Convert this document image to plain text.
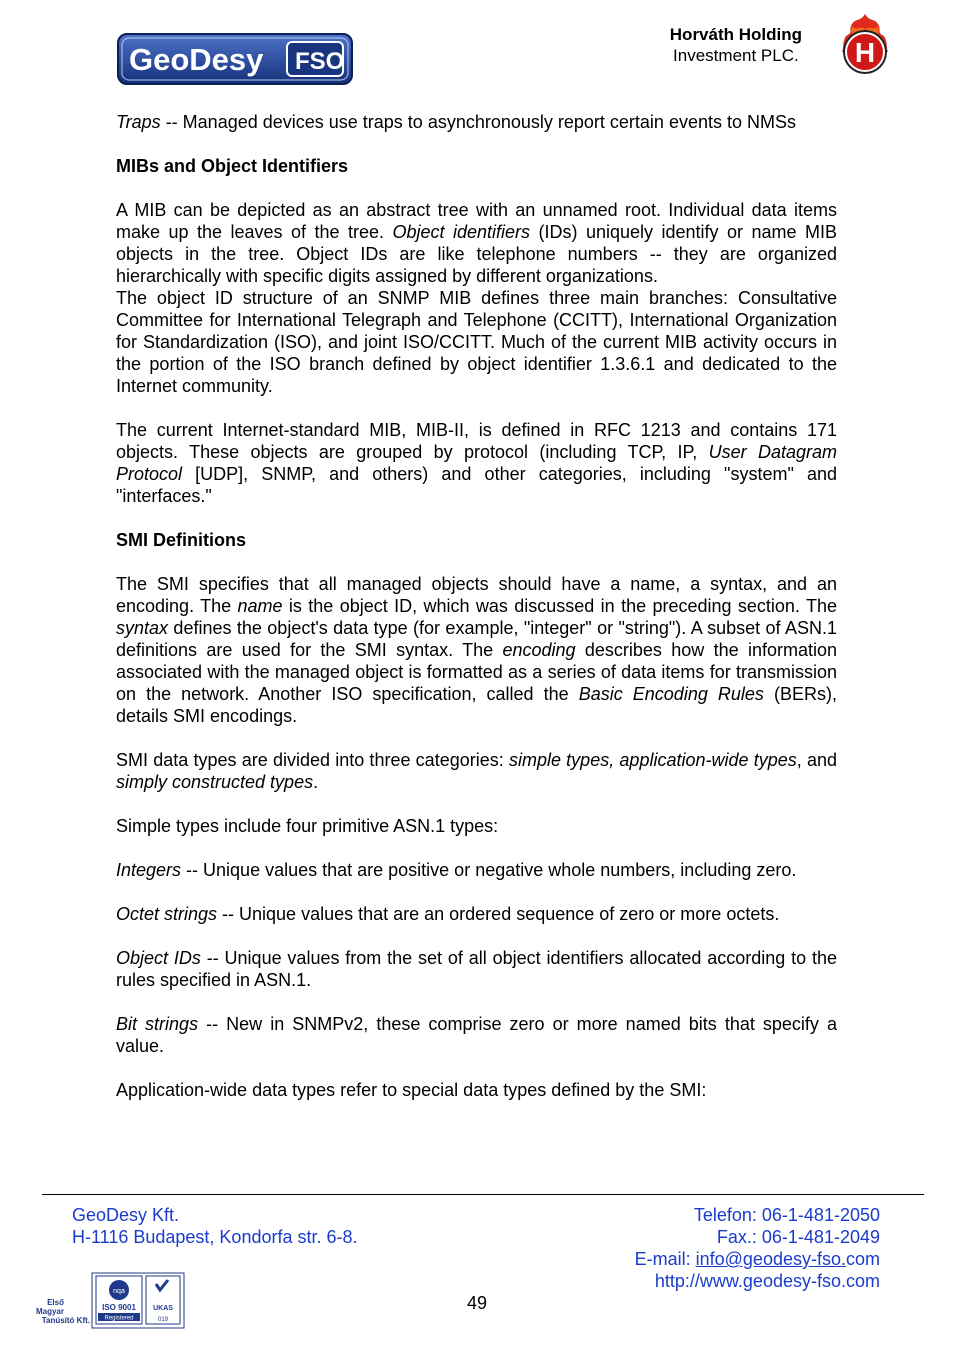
GeoDesy FSO
Horváth Holding
Investment PLC. H

Traps -- Managed devices use traps to asynchronously report certain events to NMSs

MIBs and Object Identifiers

A MIB can be depicted as an abstract tree with an unnamed root. Individual data items make up the leaves of the tree. Object identifiers (IDs) uniquely identify or name MIB objects in the tree. Object IDs are like telephone numbers -- they are organized hierarchically with specific digits assigned by different organizations.

The object ID structure of an SNMP MIB defines three main branches: Consultative Committee for International Telegraph and Telephone (CCITT), International Organization for Standardization (ISO), and joint ISO/CCITT. Much of the current MIB activity occurs in the portion of the ISO branch defined by object identifier 1.3.6.1 and dedicated to the Internet community.

The current Internet-standard MIB, MIB-II, is defined in RFC 1213 and contains 171 objects. These objects are grouped by protocol (including TCP, IP, User Datagram Protocol [UDP], SNMP, and others) and other categories, including "system" and "interfaces."

SMI Definitions

The SMI specifies that all managed objects should have a name, a syntax, and an encoding. The name is the object ID, which was discussed in the preceding section. The syntax defines the object's data type (for example, "integer" or "string"). A subset of ASN.1 definitions are used for the SMI syntax. The encoding describes how the information associated with the managed object is formatted as a series of data items for transmission on the network. Another ISO specification, called the Basic Encoding Rules (BERs), details SMI encodings.

SMI data types are divided into three categories: simple types, application-wide types, and simply constructed types.

Simple types include four primitive ASN.1 types:

Integers -- Unique values that are positive or negative whole numbers, including zero.

Octet strings -- Unique values that are an ordered sequence of zero or more octets.

Object IDs -- Unique values from the set of all object identifiers allocated according to the rules specified in ASN.1.

Bit strings -- New in SNMPv2, these comprise zero or more named bits that specify a value.

Application-wide data types refer to special data types defined by the SMI:

GeoDesy Kft.
H-1116 Budapest, Kondorfa str. 6-8.
Telefon: 06-1-481-2050
Fax.: 06-1-481-2049
E-mail: info@geodesy-fso.com
http://www.geodesy-fso.com
49
Első
Magyar
Tanúsító Kft.
nqa
ISO 9001
Registered
UKAS
019
